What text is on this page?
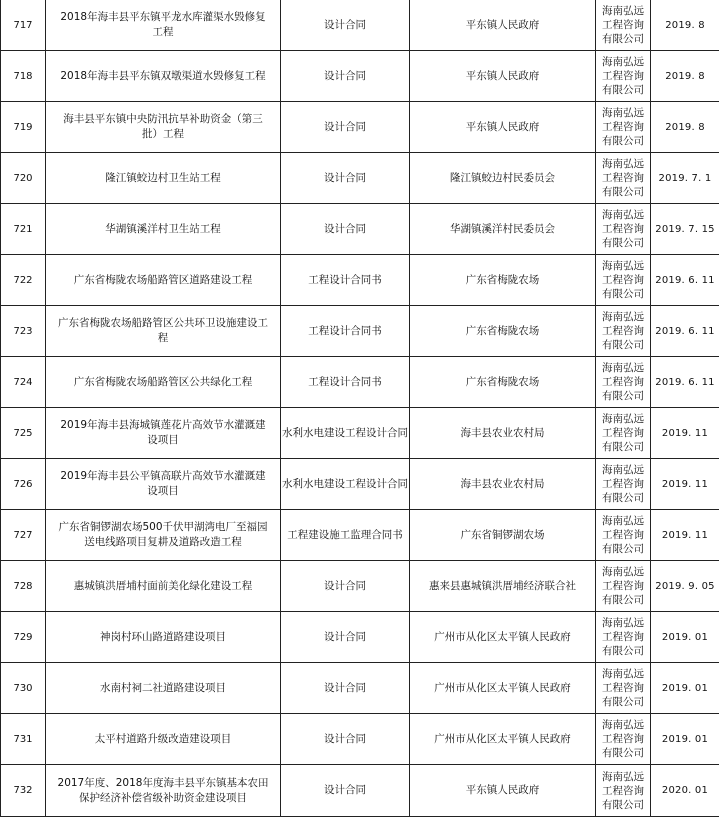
717	2018年海丰县平东镇平龙水库灌渠水毁修复工程	设计合同	平东镇人民政府	海南弘远工程咨询有限公司	2019. 8
718	2018年海丰县平东镇双墩渠道水毁修复工程	设计合同	平东镇人民政府	海南弘远工程咨询有限公司	2019. 8
719	海丰县平东镇中央防汛抗旱补助资金（第三批）工程	设计合同	平东镇人民政府	海南弘远工程咨询有限公司	2019. 8
720	隆江镇蛟边村卫生站工程	设计合同	隆江镇蛟边村民委员会	海南弘远工程咨询有限公司	2019. 7. 1
721	华湖镇溪洋村卫生站工程	设计合同	华湖镇溪洋村民委员会	海南弘远工程咨询有限公司	2019. 7. 15
722	广东省梅陇农场船路管区道路建设工程	工程设计合同书	广东省梅陇农场	海南弘远工程咨询有限公司	2019. 6. 11
723	广东省梅陇农场船路管区公共环卫设施建设工程	工程设计合同书	广东省梅陇农场	海南弘远工程咨询有限公司	2019. 6. 11
724	广东省梅陇农场船路管区公共绿化工程	工程设计合同书	广东省梅陇农场	海南弘远工程咨询有限公司	2019. 6. 11
725	2019年海丰县海城镇莲花片高效节水灌溉建设项目	水利水电建设工程设计合同	海丰县农业农村局	海南弘远工程咨询有限公司	2019. 11
726	2019年海丰县公平镇高联片高效节水灌溉建设项目	水利水电建设工程设计合同	海丰县农业农村局	海南弘远工程咨询有限公司	2019. 11
727	广东省铜锣湖农场500千伏甲湖湾电厂至福园送电线路项目复耕及道路改造工程	工程建设施工监理合同书	广东省铜锣湖农场	海南弘远工程咨询有限公司	2019. 11
728	惠城镇洪厝埔村面前美化绿化建设工程	设计合同	惠来县惠城镇洪厝埔经济联合社	海南弘远工程咨询有限公司	2019. 9. 05
729	神岗村环山路道路建设项目	设计合同	广州市从化区太平镇人民政府	海南弘远工程咨询有限公司	2019. 01
730	水南村祠二社道路建设项目	设计合同	广州市从化区太平镇人民政府	海南弘远工程咨询有限公司	2019. 01
731	太平村道路升级改造建设项目	设计合同	广州市从化区太平镇人民政府	海南弘远工程咨询有限公司	2019. 01
732	2017年度、2018年度海丰县平东镇基本农田保护经济补偿省级补助资金建设项目	设计合同	平东镇人民政府	海南弘远工程咨询有限公司	2020. 01
